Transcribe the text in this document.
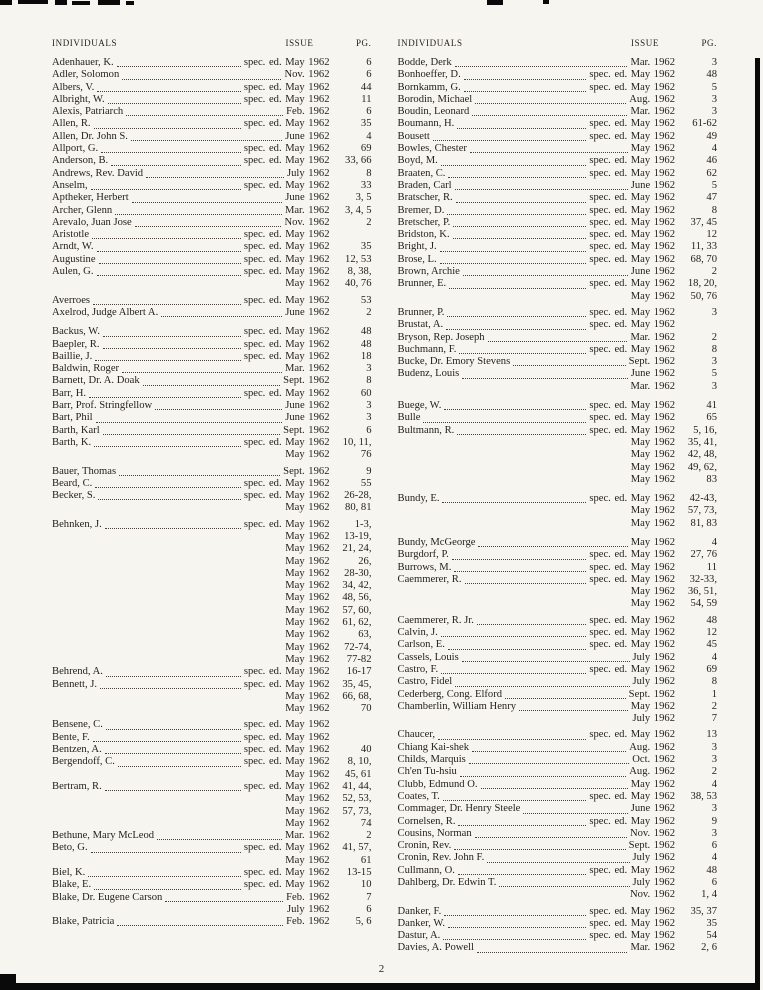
INDIVIDUALS	ISSUE	PG.
Adenhauer, K.	spec. ed. May 1962	6
Adler, Solomon	Nov. 1962	6
Albers, V.	spec. ed. May 1962	44
Albright, W.	spec. ed. May 1962	11
Alexis, Patriarch	Feb. 1962	6
Allen, R.	spec. ed. May 1962	35
Allen, Dr. John S.	June 1962	4
Allport, G.	spec. ed. May 1962	69
Anderson, B.	spec. ed. May 1962	33, 66
Andrews, Rev. David	July 1962	8
Anselm,	spec. ed. May 1962	33
Aptheker, Herbert	June 1962	3, 5
Archer, Glenn	Mar. 1962	3, 4, 5
Arevalo, Juan Jose	Nov. 1962	2
Aristotle	spec. ed. May 1962
Arndt, W.	spec. ed. May 1962	35
Augustine	spec. ed. May 1962	12, 53
Aulen, G.	spec. ed. May 1962	8, 38,
May 1962	40, 76
Averroes	spec. ed. May 1962	53
Axelrod, Judge Albert A.	June 1962	2
Backus, W.	spec. ed. May 1962	48
Baepler, R.	spec. ed. May 1962	48
Baillie, J.	spec. ed. May 1962	18
Baldwin, Roger	Mar. 1962	3
Barnett, Dr. A. Doak	Sept. 1962	8
Barr, H.	spec. ed. May 1962	60
Barr, Prof. Stringfellow	June 1962	3
Bart, Phil	June 1962	3
Barth, Karl	Sept. 1962	6
Barth, K.	spec. ed. May 1962	10, 11,
May 1962	76
Bauer, Thomas	Sept. 1962	9
Beard, C.	spec. ed. May 1962	55
Becker, S.	spec. ed. May 1962	26-28,
May 1962	80, 81
Behnken, J.	spec. ed. May 1962	1-3,
May 1962	13-19,
May 1962	21, 24,
May 1962	26,
May 1962	28-30,
May 1962	34, 42,
May 1962	48, 56,
May 1962	57, 60,
May 1962	61, 62,
May 1962	63,
May 1962	72-74,
May 1962	77-82
Behrend, A.	spec. ed. May 1962	16-17
Bennett, J.	spec. ed. May 1962	35, 45,
May 1962	66, 68,
May 1962	70
Bensene, C.	spec. ed. May 1962
Bente, F.	spec. ed. May 1962
Bentzen, A.	spec. ed. May 1962	40
Bergendoff, C.	spec. ed. May 1962	8, 10,
May 1962	45, 61
Bertram, R.	spec. ed. May 1962	41, 44,
May 1962	52, 53,
May 1962	57, 73,
May 1962	74
Bethune, Mary McLeod	Mar. 1962	2
Beto, G.	spec. ed. May 1962	41, 57,
May 1962	61
Biel, K.	spec. ed. May 1962	13-15
Blake, E.	spec. ed. May 1962	10
Blake, Dr. Eugene Carson	Feb. 1962	7
July 1962	6
Blake, Patricia	Feb. 1962	5, 6
INDIVIDUALS	ISSUE	PG.
Bodde, Derk	Mar. 1962	3
Bonhoeffer, D.	spec. ed. May 1962	48
Bornkamm, G.	spec. ed. May 1962	5
Borodin, Michael	Aug. 1962	3
Boudin, Leonard	Mar. 1962	3
Boumann, H.	spec. ed. May 1962	61-62
Bousett	spec. ed. May 1962	49
Bowles, Chester	May 1962	4
Boyd, M.	spec. ed. May 1962	46
Braaten, C.	spec. ed. May 1962	62
Braden, Carl	June 1962	5
Bratscher, R.	spec. ed. May 1962	47
Bremer, D.	spec. ed. May 1962	8
Bretscher, P.	spec. ed. May 1962	37, 45
Bridston, K.	spec. ed. May 1962	12
Bright, J.	spec. ed. May 1962	11, 33
Brose, L.	spec. ed. May 1962	68, 70
Brown, Archie	June 1962	2
Brunner, E.	spec. ed. May 1962	18, 20,
May 1962	50, 76
Brunner, P.	spec. ed. May 1962	3
Brustat, A.	spec. ed. May 1962
Bryson, Rep. Joseph	Mar. 1962	2
Buchmann, F.	spec. ed. May 1962	8
Bucke, Dr. Emory Stevens	Sept. 1962	3
Budenz, Louis	June 1962	5
Mar. 1962	3
Buege, W.	spec. ed. May 1962	41
Bulle	spec. ed. May 1962	65
Bultmann, R.	spec. ed. May 1962	5, 16,
May 1962	35, 41,
May 1962	42, 48,
May 1962	49, 62,
May 1962	83
Bundy, E.	spec. ed. May 1962	42-43,
May 1962	57, 73,
May 1962	81, 83
Bundy, McGeorge	May 1962	4
Burgdorf, P.	spec. ed. May 1962	27, 76
Burrows, M.	spec. ed. May 1962	11
Caemmerer, R.	spec. ed. May 1962	32-33,
May 1962	36, 51,
May 1962	54, 59
Caemmerer, R. Jr.	spec. ed. May 1962	48
Calvin, J.	spec. ed. May 1962	12
Carlson, E.	spec. ed. May 1962	45
Cassels, Louis	July 1962	4
Castro, F.	spec. ed. May 1962	69
Castro, Fidel	July 1962	8
Cederberg, Cong. Elford	Sept. 1962	1
Chamberlin, William Henry	May 1962	2
July 1962	7
Chaucer,	spec. ed. May 1962	13
Chiang Kai-shek	Aug. 1962	3
Childs, Marquis	Oct. 1962	3
Ch'en Tu-hsiu	Aug. 1962	2
Clubb, Edmund O.	May 1962	4
Coates, T.	spec. ed. May 1962	38, 53
Commager, Dr. Henry Steele	June 1962	3
Cornelsen, R.	spec. ed. May 1962	9
Cousins, Norman	Nov. 1962	3
Cronin, Rev.	Sept. 1962	6
Cronin, Rev. John F.	July 1962	4
Cullmann, O.	spec. ed. May 1962	48
Dahlberg, Dr. Edwin T.	July 1962	6
Nov. 1962	1, 4
Danker, F.	spec. ed. May 1962	35, 37
Danker, W.	spec. ed. May 1962	35
Dastur, A.	spec. ed. May 1962	54
Davies, A. Powell	Mar. 1962	2, 6
2
